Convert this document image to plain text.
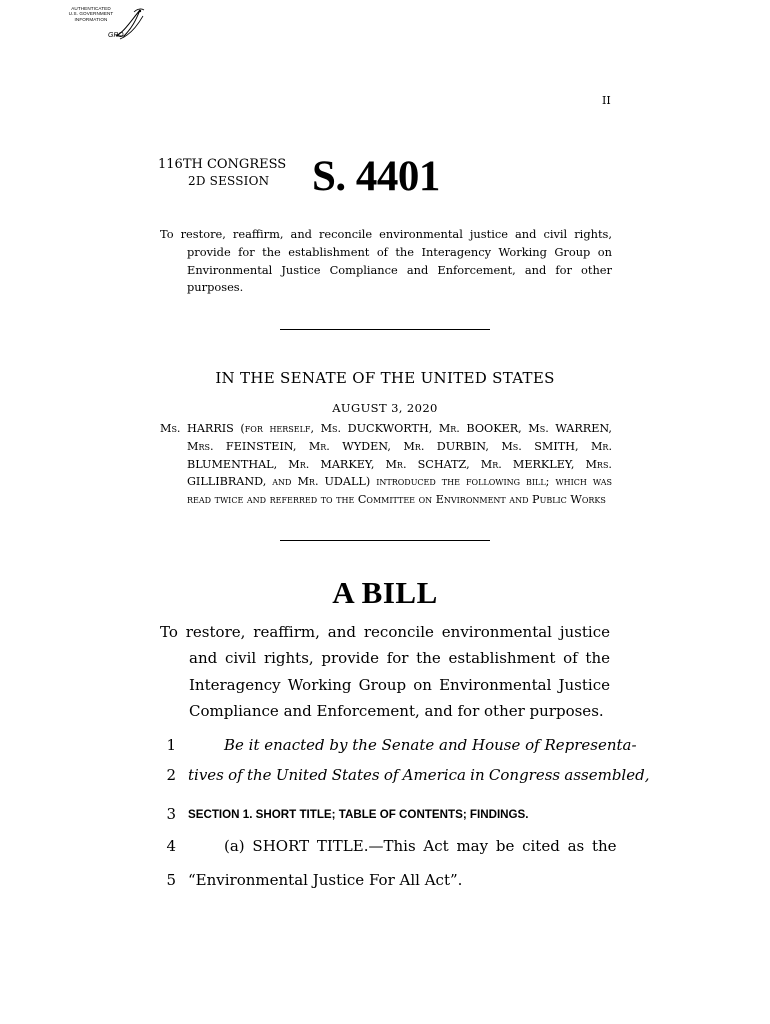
AUTHENTICATED
U.S. GOVERNMENT
INFORMATION
GPO
II
116TH CONGRESS
2D SESSION S. 4401
To restore, reaffirm, and reconcile environmental justice and civil rights, provide for the establishment of the Interagency Working Group on Environmental Justice Compliance and Enforcement, and for other purposes.
IN THE SENATE OF THE UNITED STATES
AUGUST 3, 2020
Ms. HARRIS (for herself, Ms. DUCKWORTH, Mr. BOOKER, Ms. WARREN, Mrs. FEINSTEIN, Mr. WYDEN, Mr. DURBIN, Ms. SMITH, Mr. BLUMENTHAL, Mr. MARKEY, Mr. SCHATZ, Mr. MERKLEY, Mrs. GILLIBRAND, and Mr. UDALL) introduced the following bill; which was read twice and referred to the Committee on Environment and Public Works
A BILL
To restore, reaffirm, and reconcile environmental justice and civil rights, provide for the establishment of the Interagency Working Group on Environmental Justice Compliance and Enforcement, and for other purposes.
1	Be it enacted by the Senate and House of Representa-
2 tives of the United States of America in Congress assembled,
3 SECTION 1. SHORT TITLE; TABLE OF CONTENTS; FINDINGS.
4	(a) SHORT TITLE.—This Act may be cited as the
5 “Environmental Justice For All Act”.
